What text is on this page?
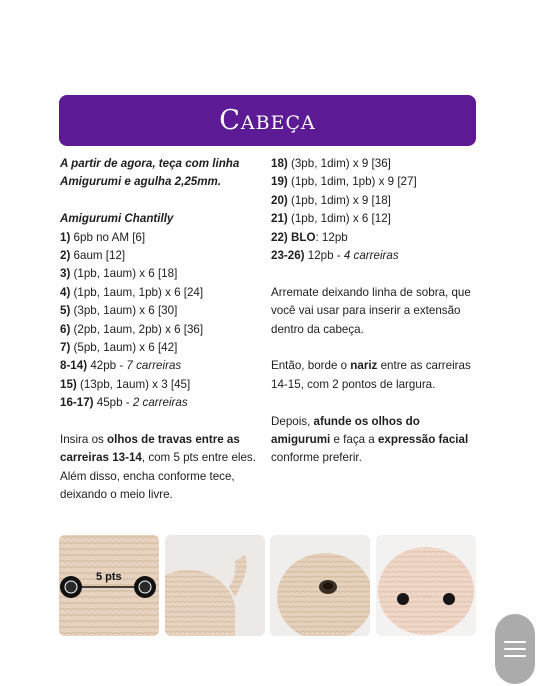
Cabeça
A partir de agora, teça com linha
Amigurumi e agulha 2,25mm.
Amigurumi Chantilly
1) 6pb no AM [6]
2) 6aum [12]
3) (1pb, 1aum) x 6 [18]
4) (1pb, 1aum, 1pb) x 6 [24]
5) (3pb, 1aum) x 6 [30]
6) (2pb, 1aum, 2pb) x 6 [36]
7) (5pb, 1aum) x 6 [42]
8-14) 42pb - 7 carreiras
15) (13pb, 1aum) x 3 [45]
16-17) 45pb - 2 carreiras
Insira os olhos de travas entre as carreiras 13-14, com 5 pts entre eles. Além disso, encha conforme tece, deixando o meio livre.
18) (3pb, 1dim) x 9 [36]
19) (1pb, 1dim, 1pb) x 9 [27]
20) (1pb, 1dim) x 9 [18]
21) (1pb, 1dim) x 6 [12]
22) BLO: 12pb
23-26) 12pb - 4 carreiras
Arremate deixando linha de sobra, que você vai usar para inserir a extensão dentro da cabeça.
Então, borde o nariz entre as carreiras 14-15, com 2 pontos de largura.
Depois, afunde os olhos do amigurumi e faça a expressão facial conforme preferir.
5 pts
